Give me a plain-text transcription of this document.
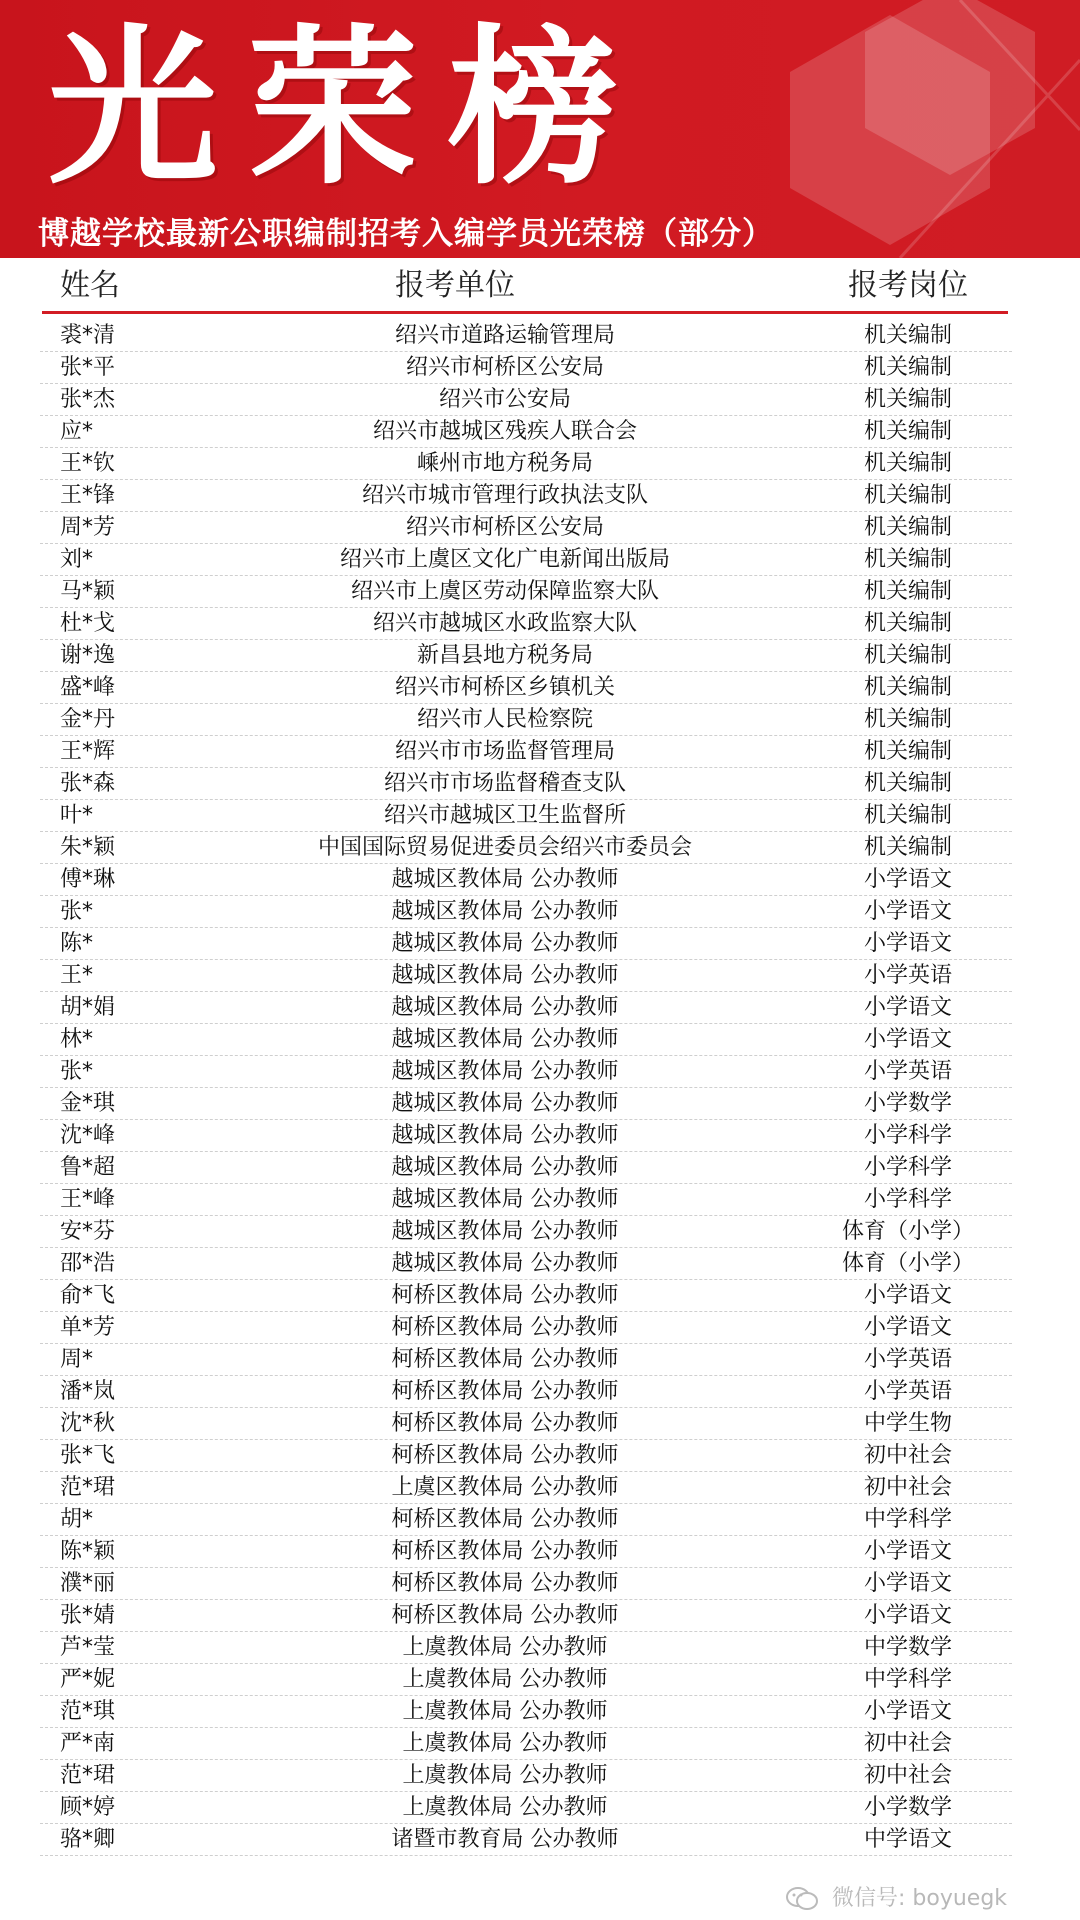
光荣榜
博越学校最新公职编制招考入编学员光荣榜（部分）
姓名	报考单位	报考岗位
裘*清	绍兴市道路运输管理局	机关编制
张*平	绍兴市柯桥区公安局	机关编制
张*杰	绍兴市公安局	机关编制
应*	绍兴市越城区残疾人联合会	机关编制
王*钦	嵊州市地方税务局	机关编制
王*锋	绍兴市城市管理行政执法支队	机关编制
周*芳	绍兴市柯桥区公安局	机关编制
刘*	绍兴市上虞区文化广电新闻出版局	机关编制
马*颖	绍兴市上虞区劳动保障监察大队	机关编制
杜*戈	绍兴市越城区水政监察大队	机关编制
谢*逸	新昌县地方税务局	机关编制
盛*峰	绍兴市柯桥区乡镇机关	机关编制
金*丹	绍兴市人民检察院	机关编制
王*辉	绍兴市市场监督管理局	机关编制
张*森	绍兴市市场监督稽查支队	机关编制
叶*	绍兴市越城区卫生监督所	机关编制
朱*颖	中国国际贸易促进委员会绍兴市委员会	机关编制
傅*琳	越城区教体局 公办教师	小学语文
张*	越城区教体局 公办教师	小学语文
陈*	越城区教体局 公办教师	小学语文
王*	越城区教体局 公办教师	小学英语
胡*娟	越城区教体局 公办教师	小学语文
林*	越城区教体局 公办教师	小学语文
张*	越城区教体局 公办教师	小学英语
金*琪	越城区教体局 公办教师	小学数学
沈*峰	越城区教体局 公办教师	小学科学
鲁*超	越城区教体局 公办教师	小学科学
王*峰	越城区教体局 公办教师	小学科学
安*芬	越城区教体局 公办教师	体育（小学）
邵*浩	越城区教体局 公办教师	体育（小学）
俞*飞	柯桥区教体局 公办教师	小学语文
单*芳	柯桥区教体局 公办教师	小学语文
周*	柯桥区教体局 公办教师	小学英语
潘*岚	柯桥区教体局 公办教师	小学英语
沈*秋	柯桥区教体局 公办教师	中学生物
张*飞	柯桥区教体局 公办教师	初中社会
范*珺	上虞区教体局 公办教师	初中社会
胡*	柯桥区教体局 公办教师	中学科学
陈*颖	柯桥区教体局 公办教师	小学语文
濮*丽	柯桥区教体局 公办教师	小学语文
张*婧	柯桥区教体局 公办教师	小学语文
芦*莹	上虞教体局 公办教师	中学数学
严*妮	上虞教体局 公办教师	中学科学
范*琪	上虞教体局 公办教师	小学语文
严*南	上虞教体局 公办教师	初中社会
范*珺	上虞教体局 公办教师	初中社会
顾*婷	上虞教体局 公办教师	小学数学
骆*卿	诸暨市教育局 公办教师	中学语文
微信号: boyuegk
